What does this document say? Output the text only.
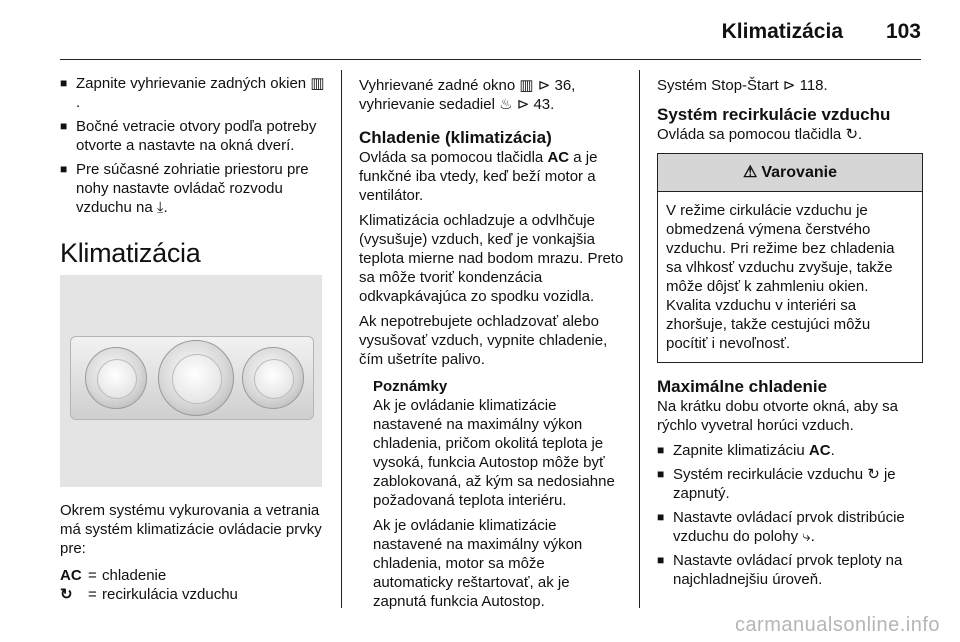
Klimatizácia 103
■ Zapnite vyhrievanie zadných okien ▥.
■ Bočné vetracie otvory podľa potreby otvorte a nastavte na okná dverí.
■ Pre súčasné zohriatie priestoru pre nohy nastavte ovládač rozvodu vzduchu na ⤓.
Klimatizácia

Okrem systému vykurovania a vetrania má systém klimatizácie ovládacie prvky pre:

AC = chladenie
↻	= recirkulácia vzduchu
Vyhrievané zadné okno ▥ ⊳ 36,
vyhrievanie sedadiel ♨ ⊳ 43.
Chladenie (klimatizácia)

Ovláda sa pomocou tlačidla AC a je funkčné iba vtedy, keď beží motor a ventilátor.

Klimatizácia ochladzuje a odvlhčuje (vysušuje) vzduch, keď je vonkajšia teplota mierne nad bodom mrazu. Preto sa môže tvoriť kondenzácia odkvapkávajúca zo spodku vozidla.

Ak nepotrebujete ochladzovať alebo vysušovať vzduch, vypnite chladenie, čím ušetríte palivo.

Poznámky
Ak je ovládanie klimatizácie nastavené na maximálny výkon chladenia, pričom okolitá teplota je vysoká, funkcia Autostop môže byť zablokovaná, až kým sa nedosiahne požadovaná teplota interiéru.

Ak je ovládanie klimatizácie nastavené na maximálny výkon chladenia, motor sa môže automaticky reštartovať, ak je zapnutá funkcia Autostop.

Systém Stop-Štart ⊳ 118.
Systém recirkulácie vzduchu
Ovláda sa pomocou tlačidla ↻.
⚠ Varovanie
V režime cirkulácie vzduchu je obmedzená výmena čerstvého vzduchu. Pri režime bez chladenia sa vlhkosť vzduchu zvyšuje, takže môže dôjsť k zahmleniu okien. Kvalita vzduchu v interiéri sa zhoršuje, takže cestujúci môžu pocítiť i nevoľnosť.
Maximálne chladenie
Na krátku dobu otvorte okná, aby sa rýchlo vyvetral horúci vzduch.
■ Zapnite klimatizáciu AC.
■ Systém recirkulácie vzduchu ↻ je zapnutý.
■ Nastavte ovládací prvok distribúcie vzduchu do polohy ⤷.
■ Nastavte ovládací prvok teploty na najchladnejšiu úroveň.
carmanualsonline.info
